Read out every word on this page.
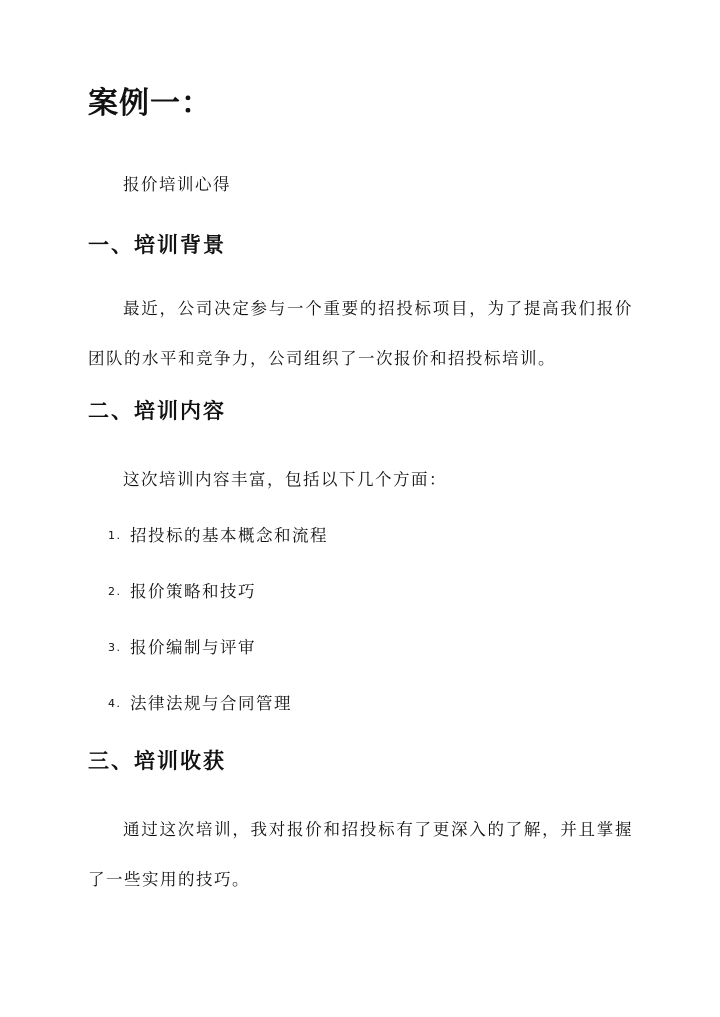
案例一：

报价培训心得

一、培训背景

最近，公司决定参与一个重要的招投标项目，为了提高我们报价团队的水平和竞争力，公司组织了一次报价和招投标培训。

二、培训内容

这次培训内容丰富，包括以下几个方面：

1. 招投标的基本概念和流程
2. 报价策略和技巧
3. 报价编制与评审
4. 法律法规与合同管理
三、培训收获

通过这次培训，我对报价和招投标有了更深入的了解，并且掌握了一些实用的技巧。
